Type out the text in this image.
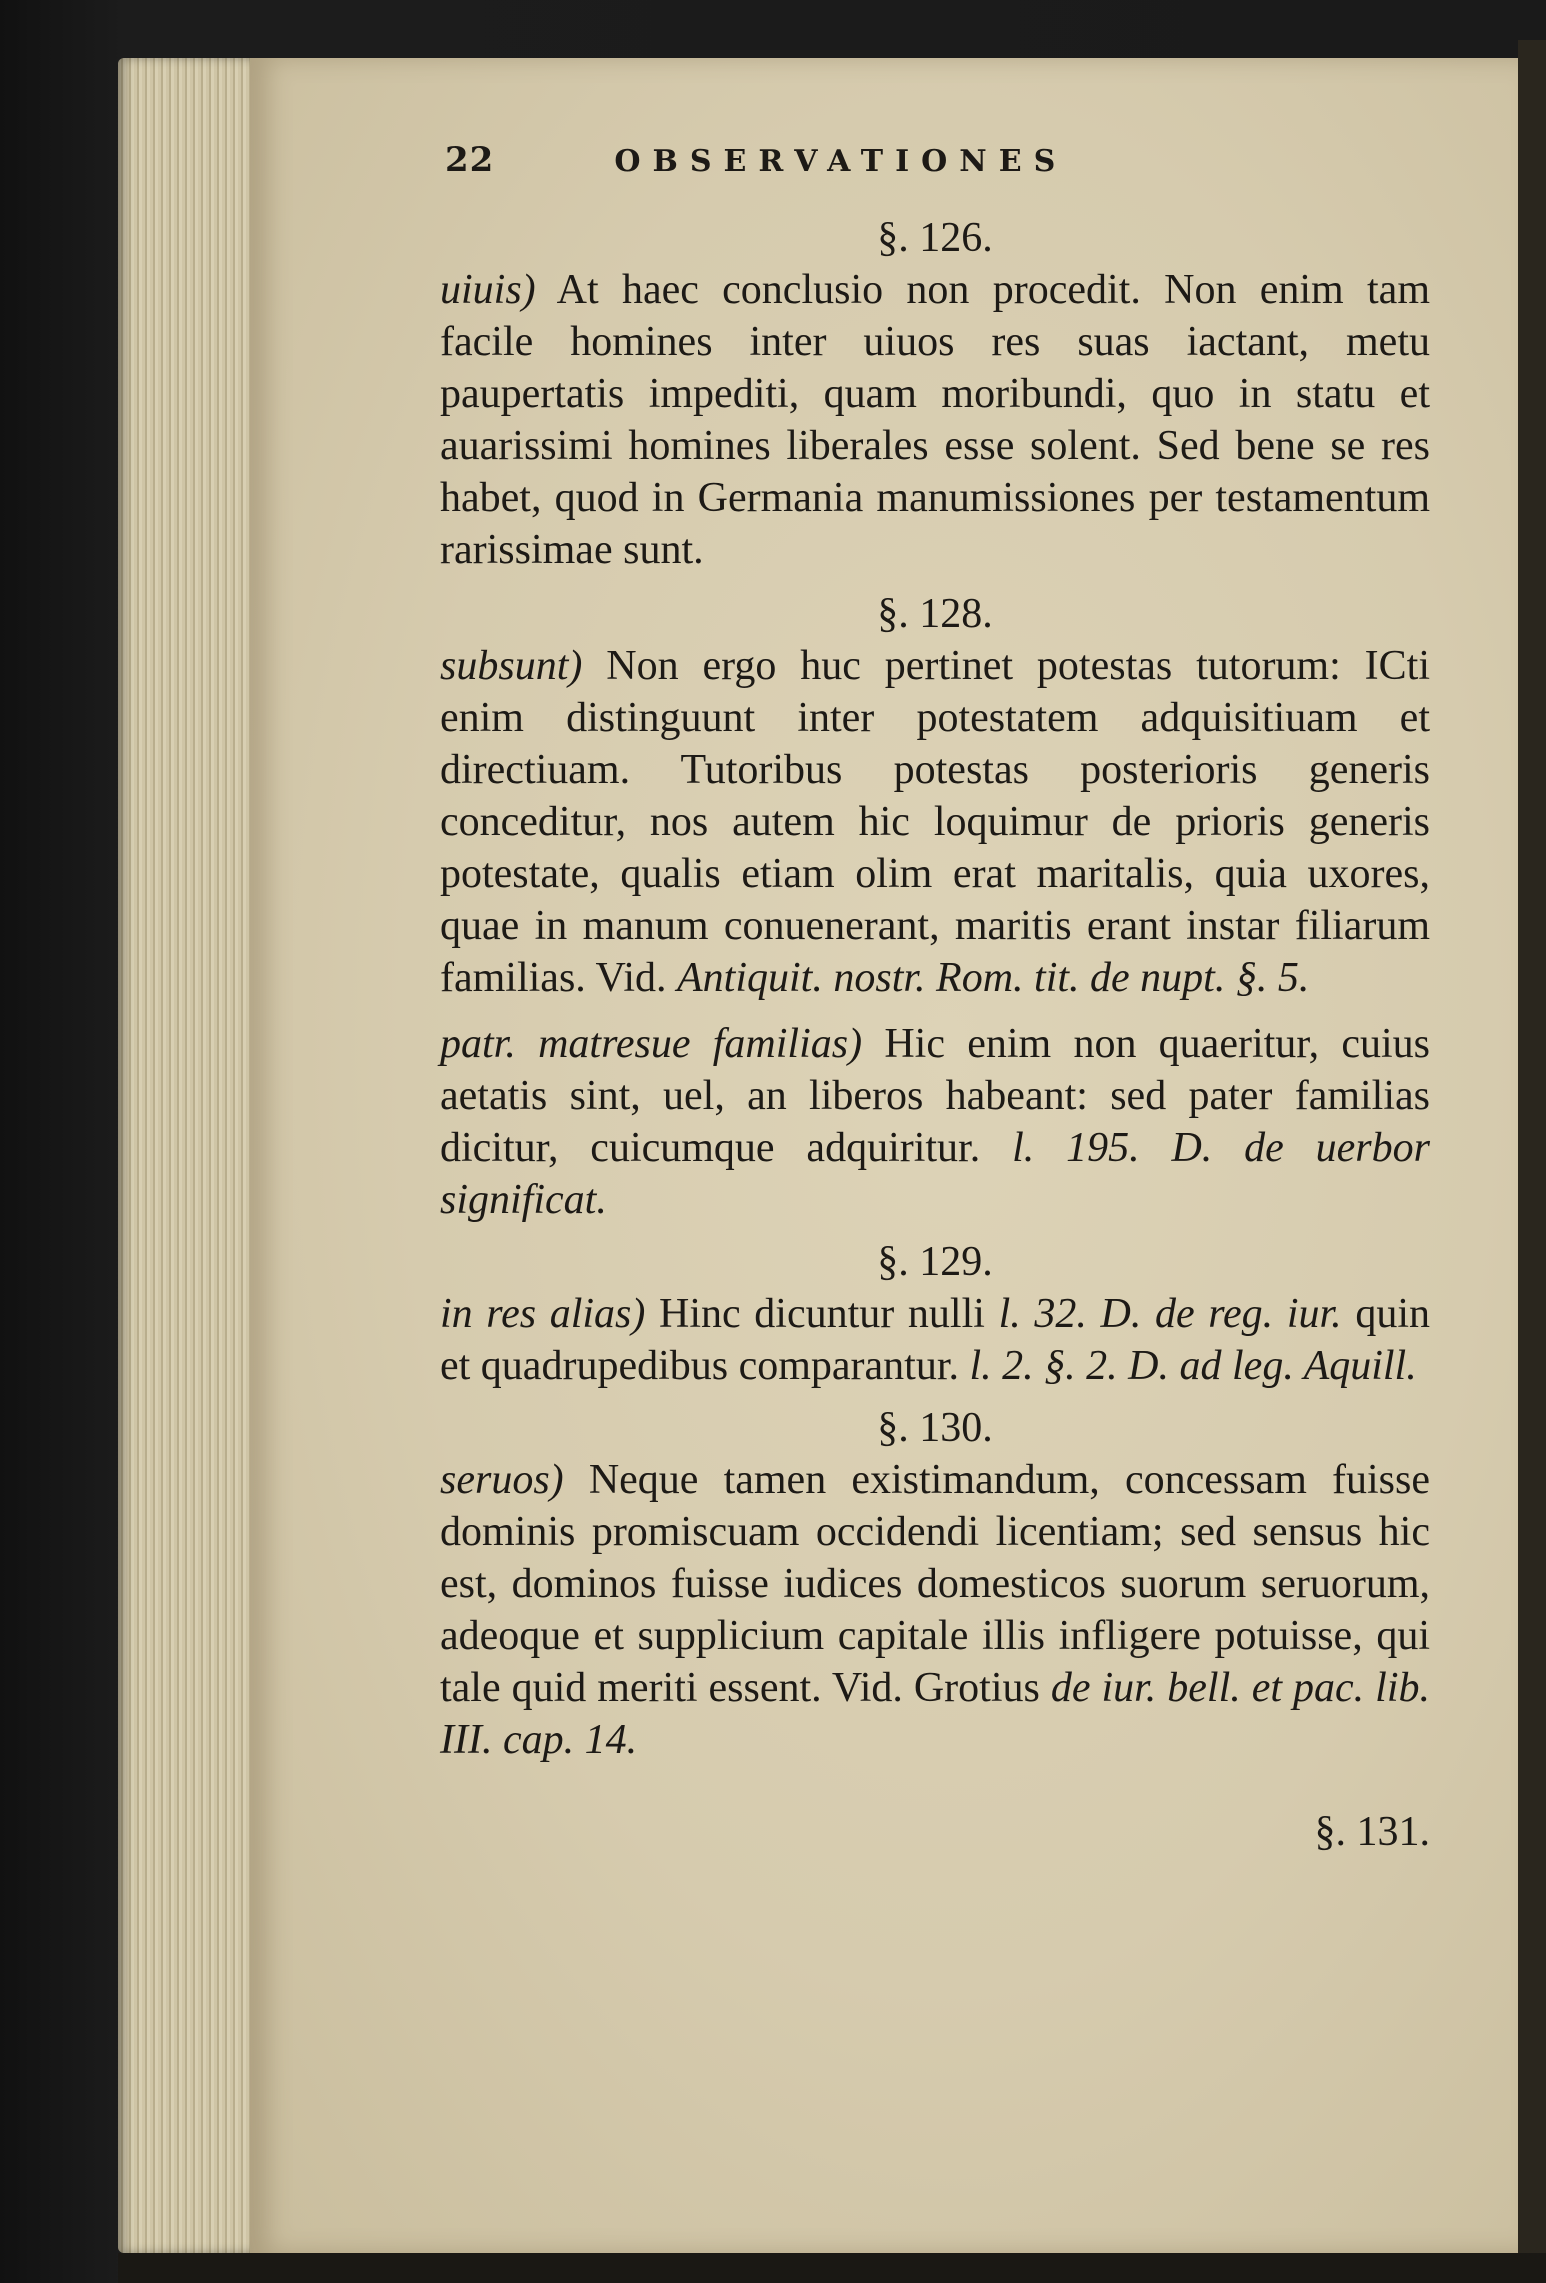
22	OBSERVATIONES
§. 126.
uiuis) At haec conclusio non procedit. Non enim tam facile homines inter uiuos res suas iactant, metu paupertatis impediti, quam moribundi, quo in statu et auarissimi homines liberales esse solent. Sed bene se res habet, quod in Germania manumissiones per testamentum rarissimae sunt.
§. 128.
subsunt) Non ergo huc pertinet potestas tutorum: ICti enim distinguunt inter potestatem adquisitiuam et directiuam. Tutoribus potestas posterioris generis conceditur, nos autem hic loquimur de prioris generis potestate, qualis etiam olim erat maritalis, quia uxores, quae in manum conuenerant, maritis erant instar filiarum familias. Vid. Antiquit. nostr. Rom. tit. de nupt. §. 5.
patr. matresue familias) Hic enim non quaeritur, cuius aetatis sint, uel, an liberos habeant: sed pater familias dicitur, cuicumque adquiritur. l. 195. D. de uerbor significat.
§. 129.
in res alias) Hinc dicuntur nulli l. 32. D. de reg. iur. quin et quadrupedibus comparantur. l. 2. §. 2. D. ad leg. Aquill.
§. 130.
seruos) Neque tamen existimandum, concessam fuisse dominis promiscuam occidendi licentiam; sed sensus hic est, dominos fuisse iudices domesticos suorum seruorum, adeoque et supplicium capitale illis infligere potuisse, qui tale quid meriti essent. Vid. Grotius de iur. bell. et pac. lib. III. cap. 14.
§. 131.
